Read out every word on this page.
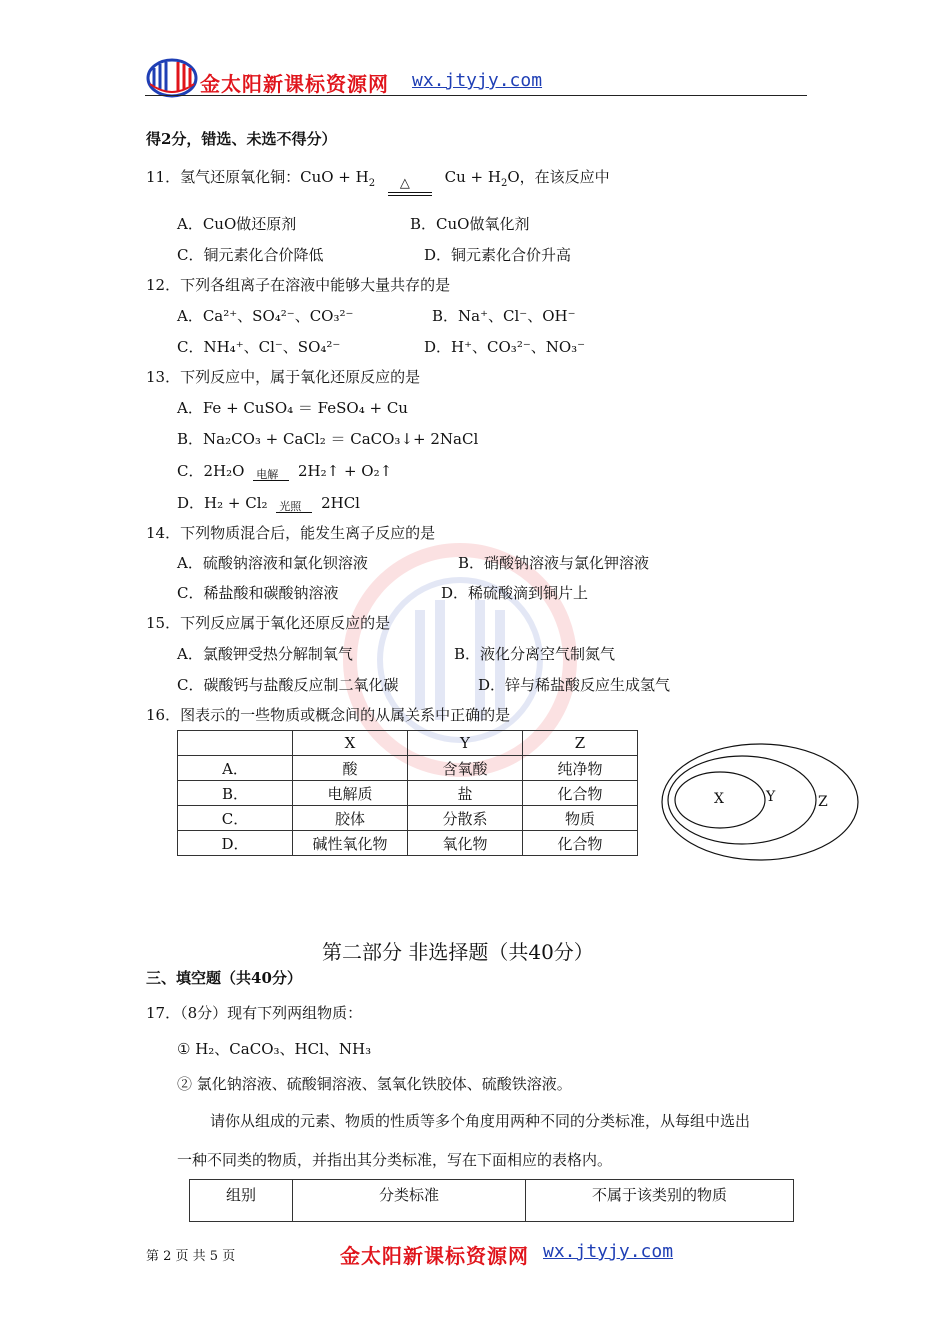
金太阳新课标资源网 wx.jtyjy.com
得2分，错选、未选不得分）
11．氢气还原氧化铜：CuO + $H_2$ △ $Cu + H_2O$，在该反应中
A．CuO做还原剂	B．CuO做氧化剂
C．铜元素化合价降低	D．铜元素化合价升高
12．下列各组离子在溶液中能够大量共存的是
A．Ca²⁺、SO₄²⁻、CO₃²⁻	B．Na⁺、Cl⁻、OH⁻
C．NH₄⁺、Cl⁻、SO₄²⁻	D．H⁺、CO₃²⁻、NO₃⁻
13．下列反应中，属于氧化还原反应的是
A．Fe + CuSO₄ ＝ FeSO₄ + Cu
B．Na₂CO₃ + CaCl₂ ＝ CaCO₃↓+ 2NaCl
C．2H₂O 电解 2H₂↑ + O₂↑
D．H₂ + Cl₂ 光照 2HCl
14．下列物质混合后，能发生离子反应的是
A．硫酸钠溶液和氯化钡溶液	B．硝酸钠溶液与氯化钾溶液
C．稀盐酸和碳酸钠溶液	D．稀硫酸滴到铜片上
15．下列反应属于氧化还原反应的是
A．氯酸钾受热分解制氧气	B．液化分离空气制氮气
C．碳酸钙与盐酸反应制二氧化碳	D．锌与稀盐酸反应生成氢气
16．图表示的一些物质或概念间的从属关系中正确的是
	X	Y	Z
A．	酸	含氧酸	纯净物
B．	电解质	盐	化合物
C．	胶体	分散系	物质
D．	碱性氧化物	氧化物	化合物
X	Y	Z
第二部分 非选择题（共40分）
三、填空题（共40分）
17．（8分）现有下列两组物质：
① H₂、CaCO₃、HCl、NH₃
② 氯化钠溶液、硫酸铜溶液、氢氧化铁胶体、硫酸铁溶液。
请你从组成的元素、物质的性质等多个角度用两种不同的分类标准，从每组中选出
一种不同类的物质，并指出其分类标准，写在下面相应的表格内。
组别	分类标准	不属于该类别的物质
第 2 页 共 5 页	金太阳新课标资源网 wx.jtyjy.com
